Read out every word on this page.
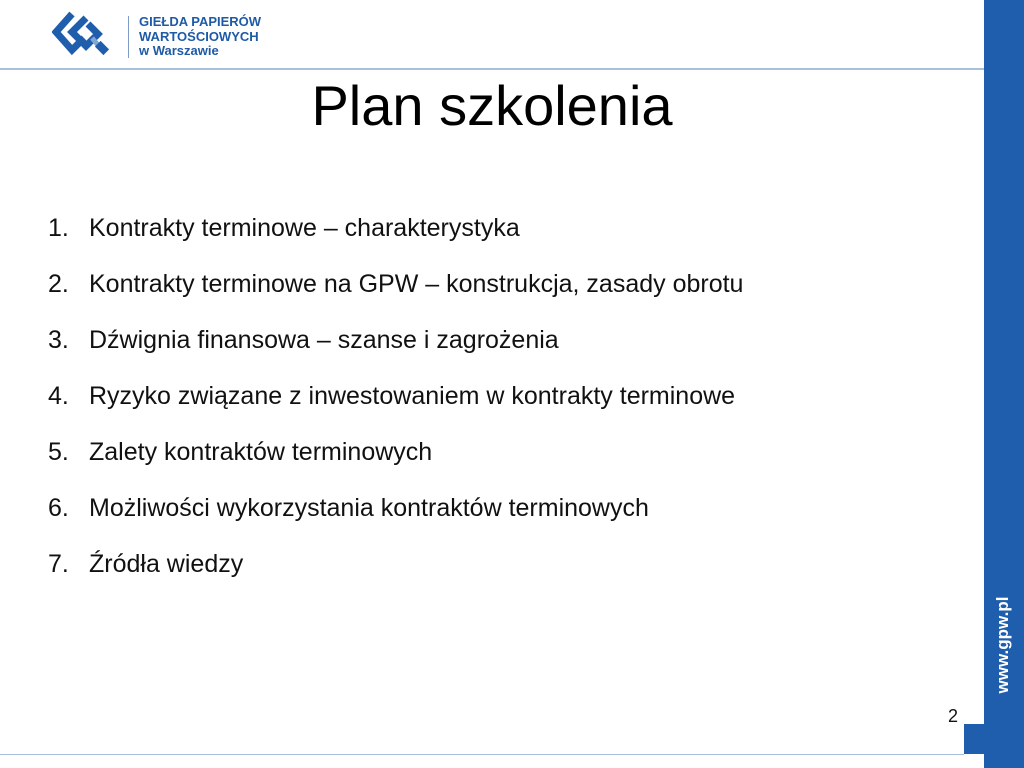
GIEŁDA PAPIERÓW
WARTOŚCIOWYCH
w Warszawie
Plan szkolenia
1. Kontrakty terminowe – charakterystyka
2. Kontrakty terminowe na GPW – konstrukcja, zasady obrotu
3. Dźwignia finansowa – szanse i zagrożenia
4. Ryzyko związane z inwestowaniem w kontrakty terminowe
5. Zalety kontraktów terminowych
6. Możliwości wykorzystania kontraktów terminowych
7. Źródła wiedzy
www.gpw.pl
2
